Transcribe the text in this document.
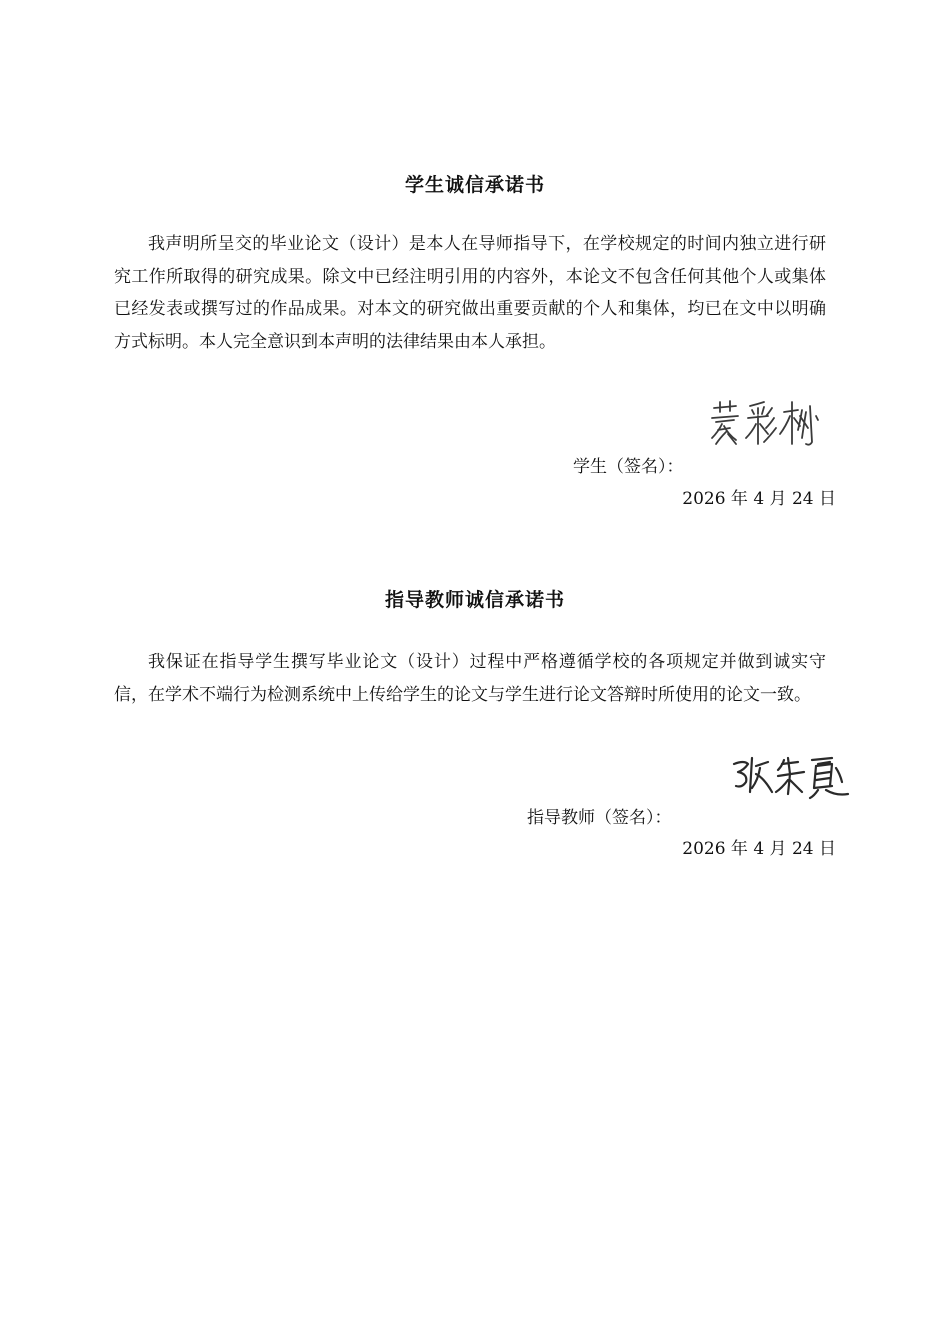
学生诚信承诺书

我声明所呈交的毕业论文（设计）是本人在导师指导下，在学校规定的时间内独立进行研究工作所取得的研究成果。除文中已经注明引用的内容外，本论文不包含任何其他个人或集体已经发表或撰写过的作品成果。对本文的研究做出重要贡献的个人和集体，均已在文中以明确方式标明。本人完全意识到本声明的法律结果由本人承担。

学生（签名）：
2026 年 4 月 24 日
指导教师诚信承诺书

我保证在指导学生撰写毕业论文（设计）过程中严格遵循学校的各项规定并做到诚实守信，在学术不端行为检测系统中上传给学生的论文与学生进行论文答辩时所使用的论文一致。

指导教师（签名）：
2026 年 4 月 24 日
